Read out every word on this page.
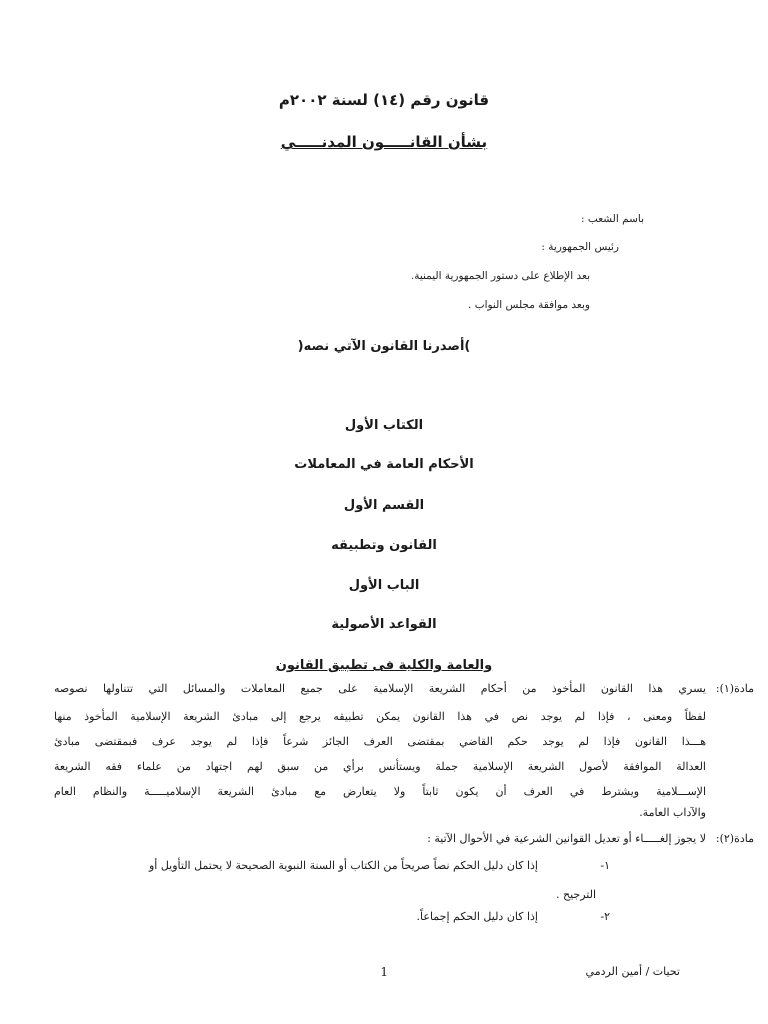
قانون رقم (١٤) لسنة ٢٠٠٢م
بشأن القانـــــون المدنـــــي
باسم الشعب :
رئيس الجمهورية :
بعد الإطلاع على دستور الجمهورية اليمنية.
وبعد موافقة مجلس النواب .
)أصدرنا القانون الآتي نصه(
الكتاب الأول
الأحكام العامة في المعاملات
القسم الأول
القانون وتطبيقه
الباب الأول
القواعد الأصولية
والعامة والكلية فى تطبيق القانون
مادة(١):
يسري هذا القانون المأخوذ من أحكام الشريعة الإسلامية على جميع المعاملات والمسائل التي تتناولها نصوصه
لفظاً ومعنى ، فإذا لم يوجد نص في هذا القانون يمكن تطبيقه يرجع إلى مبادئ الشريعة الإسلامية المأخوذ منها
هـــذا القانون فإذا لم يوجد حكم القاضي بمقتضى العرف الجائز شرعاً فإذا لم يوجد عرف فبمقتضى مبادئ
العدالة الموافقة لأصول الشريعة الإسلامية جملة ويستأنس برأي من سبق لهم اجتهاد من علماء فقه الشريعة
الإســـلامية ويشترط في العرف أن يكون ثابتاً ولا يتعارض مع مبادئ الشريعة الإسلاميـــــة والنظام العام
والآداب العامة.
مادة(٢):
لا يجوز إلغـــــاء أو تعديل القوانين الشرعية في الأحوال الآتية :
١-
إذا كان دليل الحكم نصاً صريحاً من الكتاب أو السنة النبوية الصحيحة لا يحتمل التأويل أو
الترجيح .
٢-
إذا كان دليل الحكم إجماعاً.
1	تحيات / أمين الردمي
